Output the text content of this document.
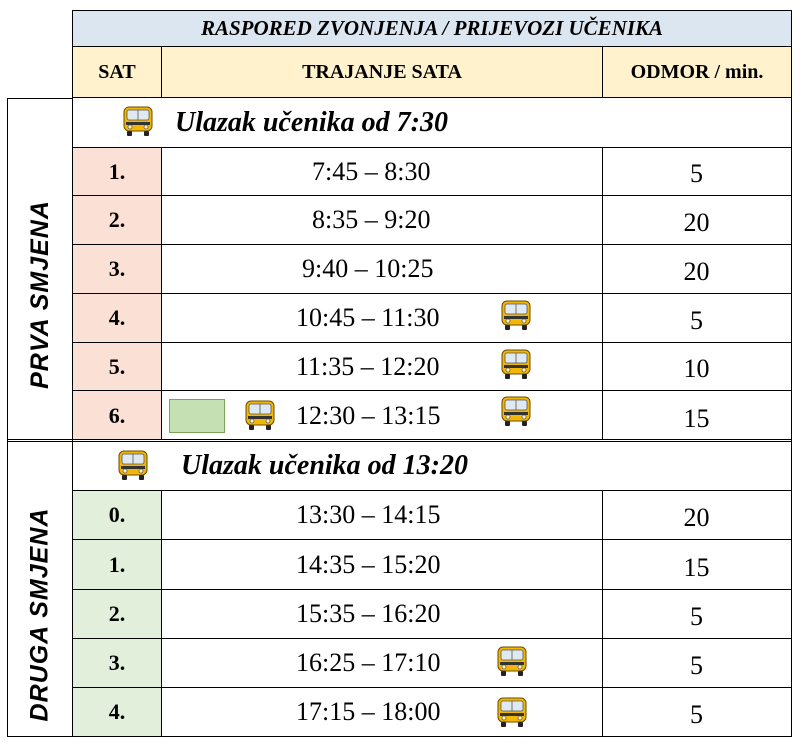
RASPORED ZVONJENJA / PRIJEVOZI UČENIKA
SAT	TRAJANJE SATA	ODMOR / min.
PRVA SMJENA
DRUGA SMJENA
Ulazak učenika od 7:30
Ulazak učenika od 13:20
1.	7:45 – 8:30	5
2.	8:35 – 9:20	20
3.	9:40 – 10:25	20
4.	10:45 – 11:30	5
5.	11:35 – 12:20	10
6.	12:30 – 13:15	15
0.	13:30 – 14:15	20
1.	14:35 – 15:20	15
2.	15:35 – 16:20	5
3.	16:25 – 17:10	5
4.	17:15 – 18:00	5
